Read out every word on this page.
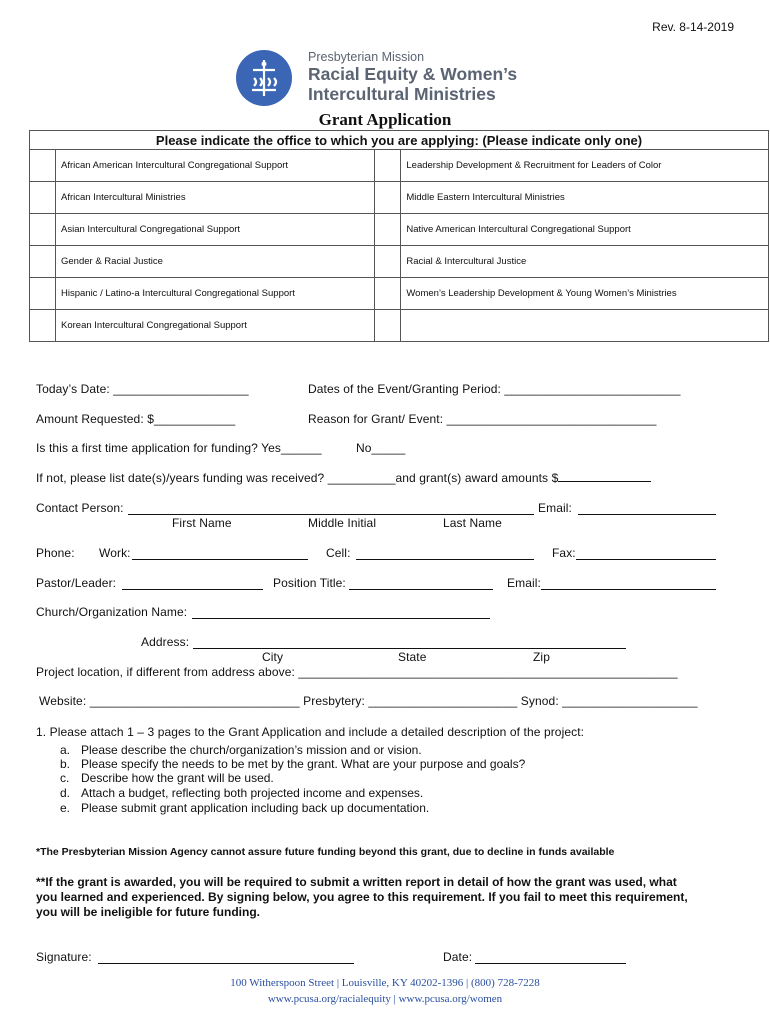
Rev. 8-14-2019
Presbyterian Mission
Racial Equity & Women’s
Intercultural Ministries
Grant Application
Please indicate the office to which you are applying: (Please indicate only one)			
	African American Intercultural Congregational Support		Leadership Development & Recruitment for Leaders of Color
	African Intercultural Ministries		Middle Eastern Intercultural Ministries
	Asian Intercultural Congregational Support		Native American Intercultural Congregational Support
	Gender & Racial Justice		Racial & Intercultural Justice
	Hispanic / Latino-a Intercultural Congregational Support		Women’s Leadership Development & Young Women’s Ministries
	Korean Intercultural Congregational Support		
Today’s Date: ____________________	Dates of the Event/Granting Period: __________________________
Amount Requested: $____________	Reason for Grant/ Event: _______________________________
Is this a first time application for funding? Yes______	No_____
If not, please list date(s)/years funding was received? __________and grant(s) award amounts $
Contact Person:	Email:
First Name	Middle Initial	Last Name
Phone: Work:	Cell:	Fax:
Pastor/Leader:	Position Title:	Email:
Church/Organization Name:
Address:
City	State	Zip
Project location, if different from address above: ________________________________________________________
Website: _______________________________ Presbytery: ______________________ Synod: ____________________
1. Please attach 1 – 3 pages to the Grant Application and include a detailed description of the project:
a. Please describe the church/organization’s mission and or vision.
b. Please specify the needs to be met by the grant. What are your purpose and goals?
c. Describe how the grant will be used.
d. Attach a budget, reflecting both projected income and expenses.
e. Please submit grant application including back up documentation.
*The Presbyterian Mission Agency cannot assure future funding beyond this grant, due to decline in funds available
**If the grant is awarded, you will be required to submit a written report in detail of how the grant was used, what
you learned and experienced. By signing below, you agree to this requirement. If you fail to meet this requirement,
you will be ineligible for future funding.
Signature:	Date:
100 Witherspoon Street | Louisville, KY 40202-1396 | (800) 728-7228
www.pcusa.org/racialequity | www.pcusa.org/women
